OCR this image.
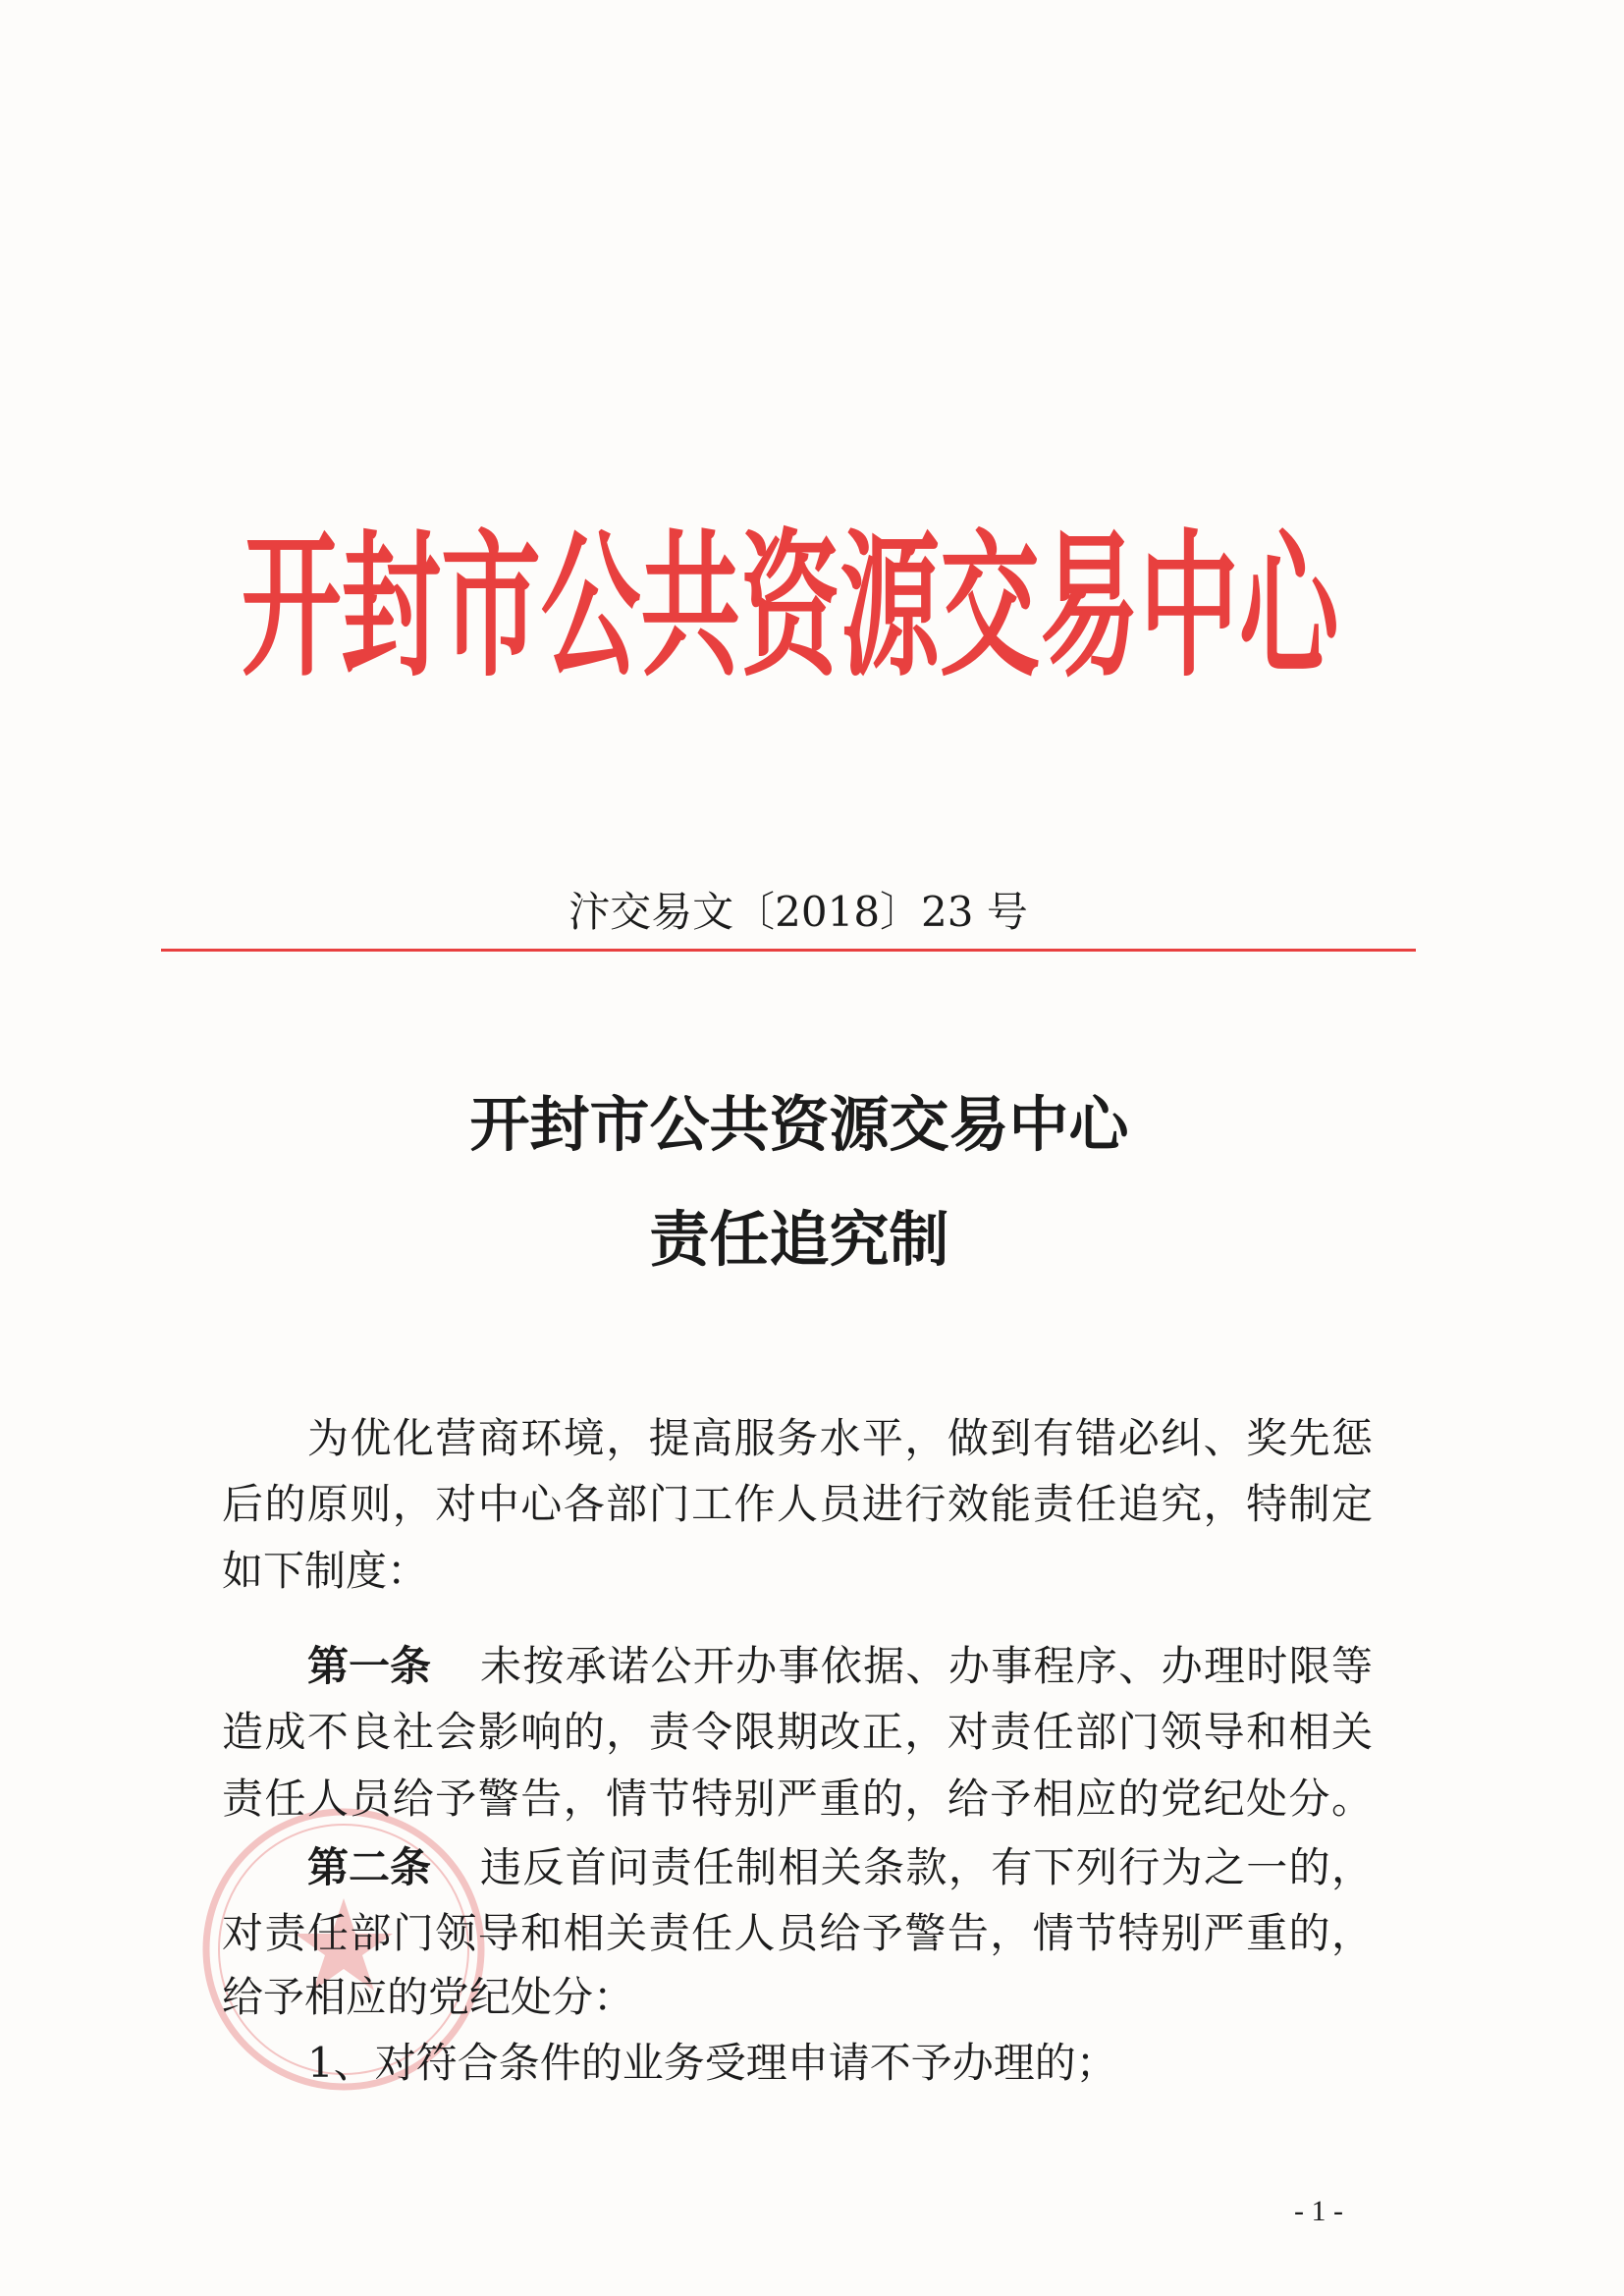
开封市公共资源交易中心
汴交易文〔2018〕23 号
开封市公共资源交易中心
责任追究制
为优化营商环境，提高服务水平，做到有错必纠、奖先惩
后的原则，对中心各部门工作人员进行效能责任追究，特制定
如下制度：
第一条 未按承诺公开办事依据、办事程序、办理时限等
造成不良社会影响的，责令限期改正，对责任部门领导和相关
责任人员给予警告，情节特别严重的，给予相应的党纪处分。
第二条 违反首问责任制相关条款，有下列行为之一的，
对责任部门领导和相关责任人员给予警告，情节特别严重的，
给予相应的党纪处分：
1、对符合条件的业务受理申请不予办理的；
- 1 -
